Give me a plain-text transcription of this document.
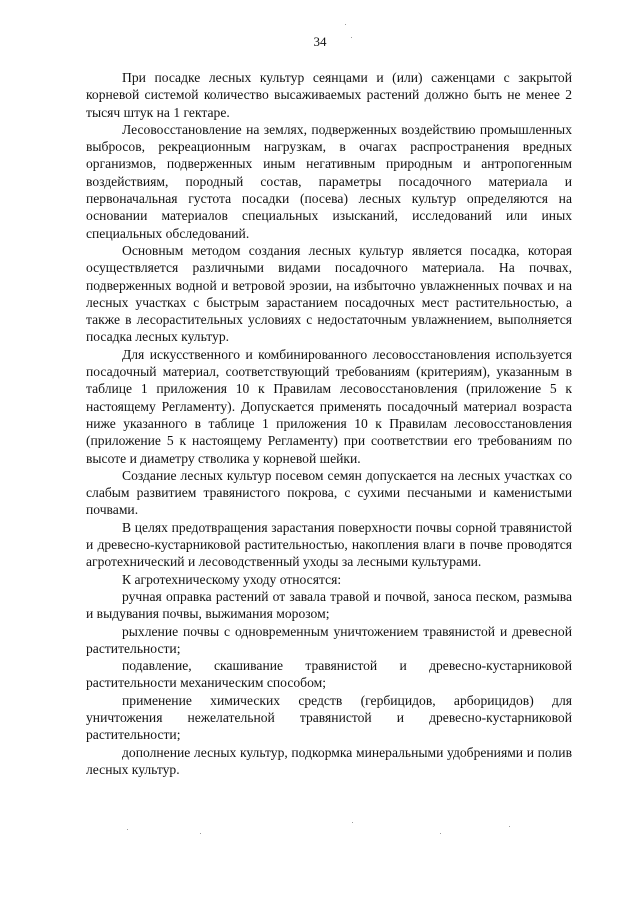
34

При посадке лесных культур сеянцами и (или) саженцами с закрытой корневой системой количество высаживаемых растений должно быть не менее 2 тысяч штук на 1 гектаре.

Лесовосстановление на землях, подверженных воздействию промышленных выбросов, рекреационным нагрузкам, в очагах распространения вредных организмов, подверженных иным негативным природным и антропогенным воздействиям, породный состав, параметры посадочного материала и первоначальная густота посадки (посева) лесных культур определяются на основании материалов специальных изысканий, исследований или иных специальных обследований.

Основным методом создания лесных культур является посадка, которая осуществляется различными видами посадочного материала. На почвах, подверженных водной и ветровой эрозии, на избыточно увлажненных почвах и на лесных участках с быстрым зарастанием посадочных мест растительностью, а также в лесорастительных условиях с недостаточным увлажнением, выполняется посадка лесных культур.

Для искусственного и комбинированного лесовосстановления используется посадочный материал, соответствующий требованиям (критериям), указанным в таблице 1 приложения 10 к Правилам лесовосстановления (приложение 5 к настоящему Регламенту). Допускается применять посадочный материал возраста ниже указанного в таблице 1 приложения 10 к Правилам лесовосстановления (приложение 5 к настоящему Регламенту) при соответствии его требованиям по высоте и диаметру стволика у корневой шейки.

Создание лесных культур посевом семян допускается на лесных участках со слабым развитием травянистого покрова, с сухими песчаными и каменистыми почвами.

В целях предотвращения зарастания поверхности почвы сорной травянистой и древесно-кустарниковой растительностью, накопления влаги в почве проводятся агротехнический и лесоводственный уходы за лесными культурами.

К агротехническому уходу относятся:

ручная оправка растений от завала травой и почвой, заноса песком, размыва и выдувания почвы, выжимания морозом;

рыхление почвы с одновременным уничтожением травянистой и древесной растительности;

подавление, скашивание травянистой и древесно-кустарниковой растительности механическим способом;

применение химических средств (гербицидов, арборицидов) для уничтожения нежелательной травянистой и древесно-кустарниковой растительности;

дополнение лесных культур, подкормка минеральными удобрениями и полив лесных культур.
